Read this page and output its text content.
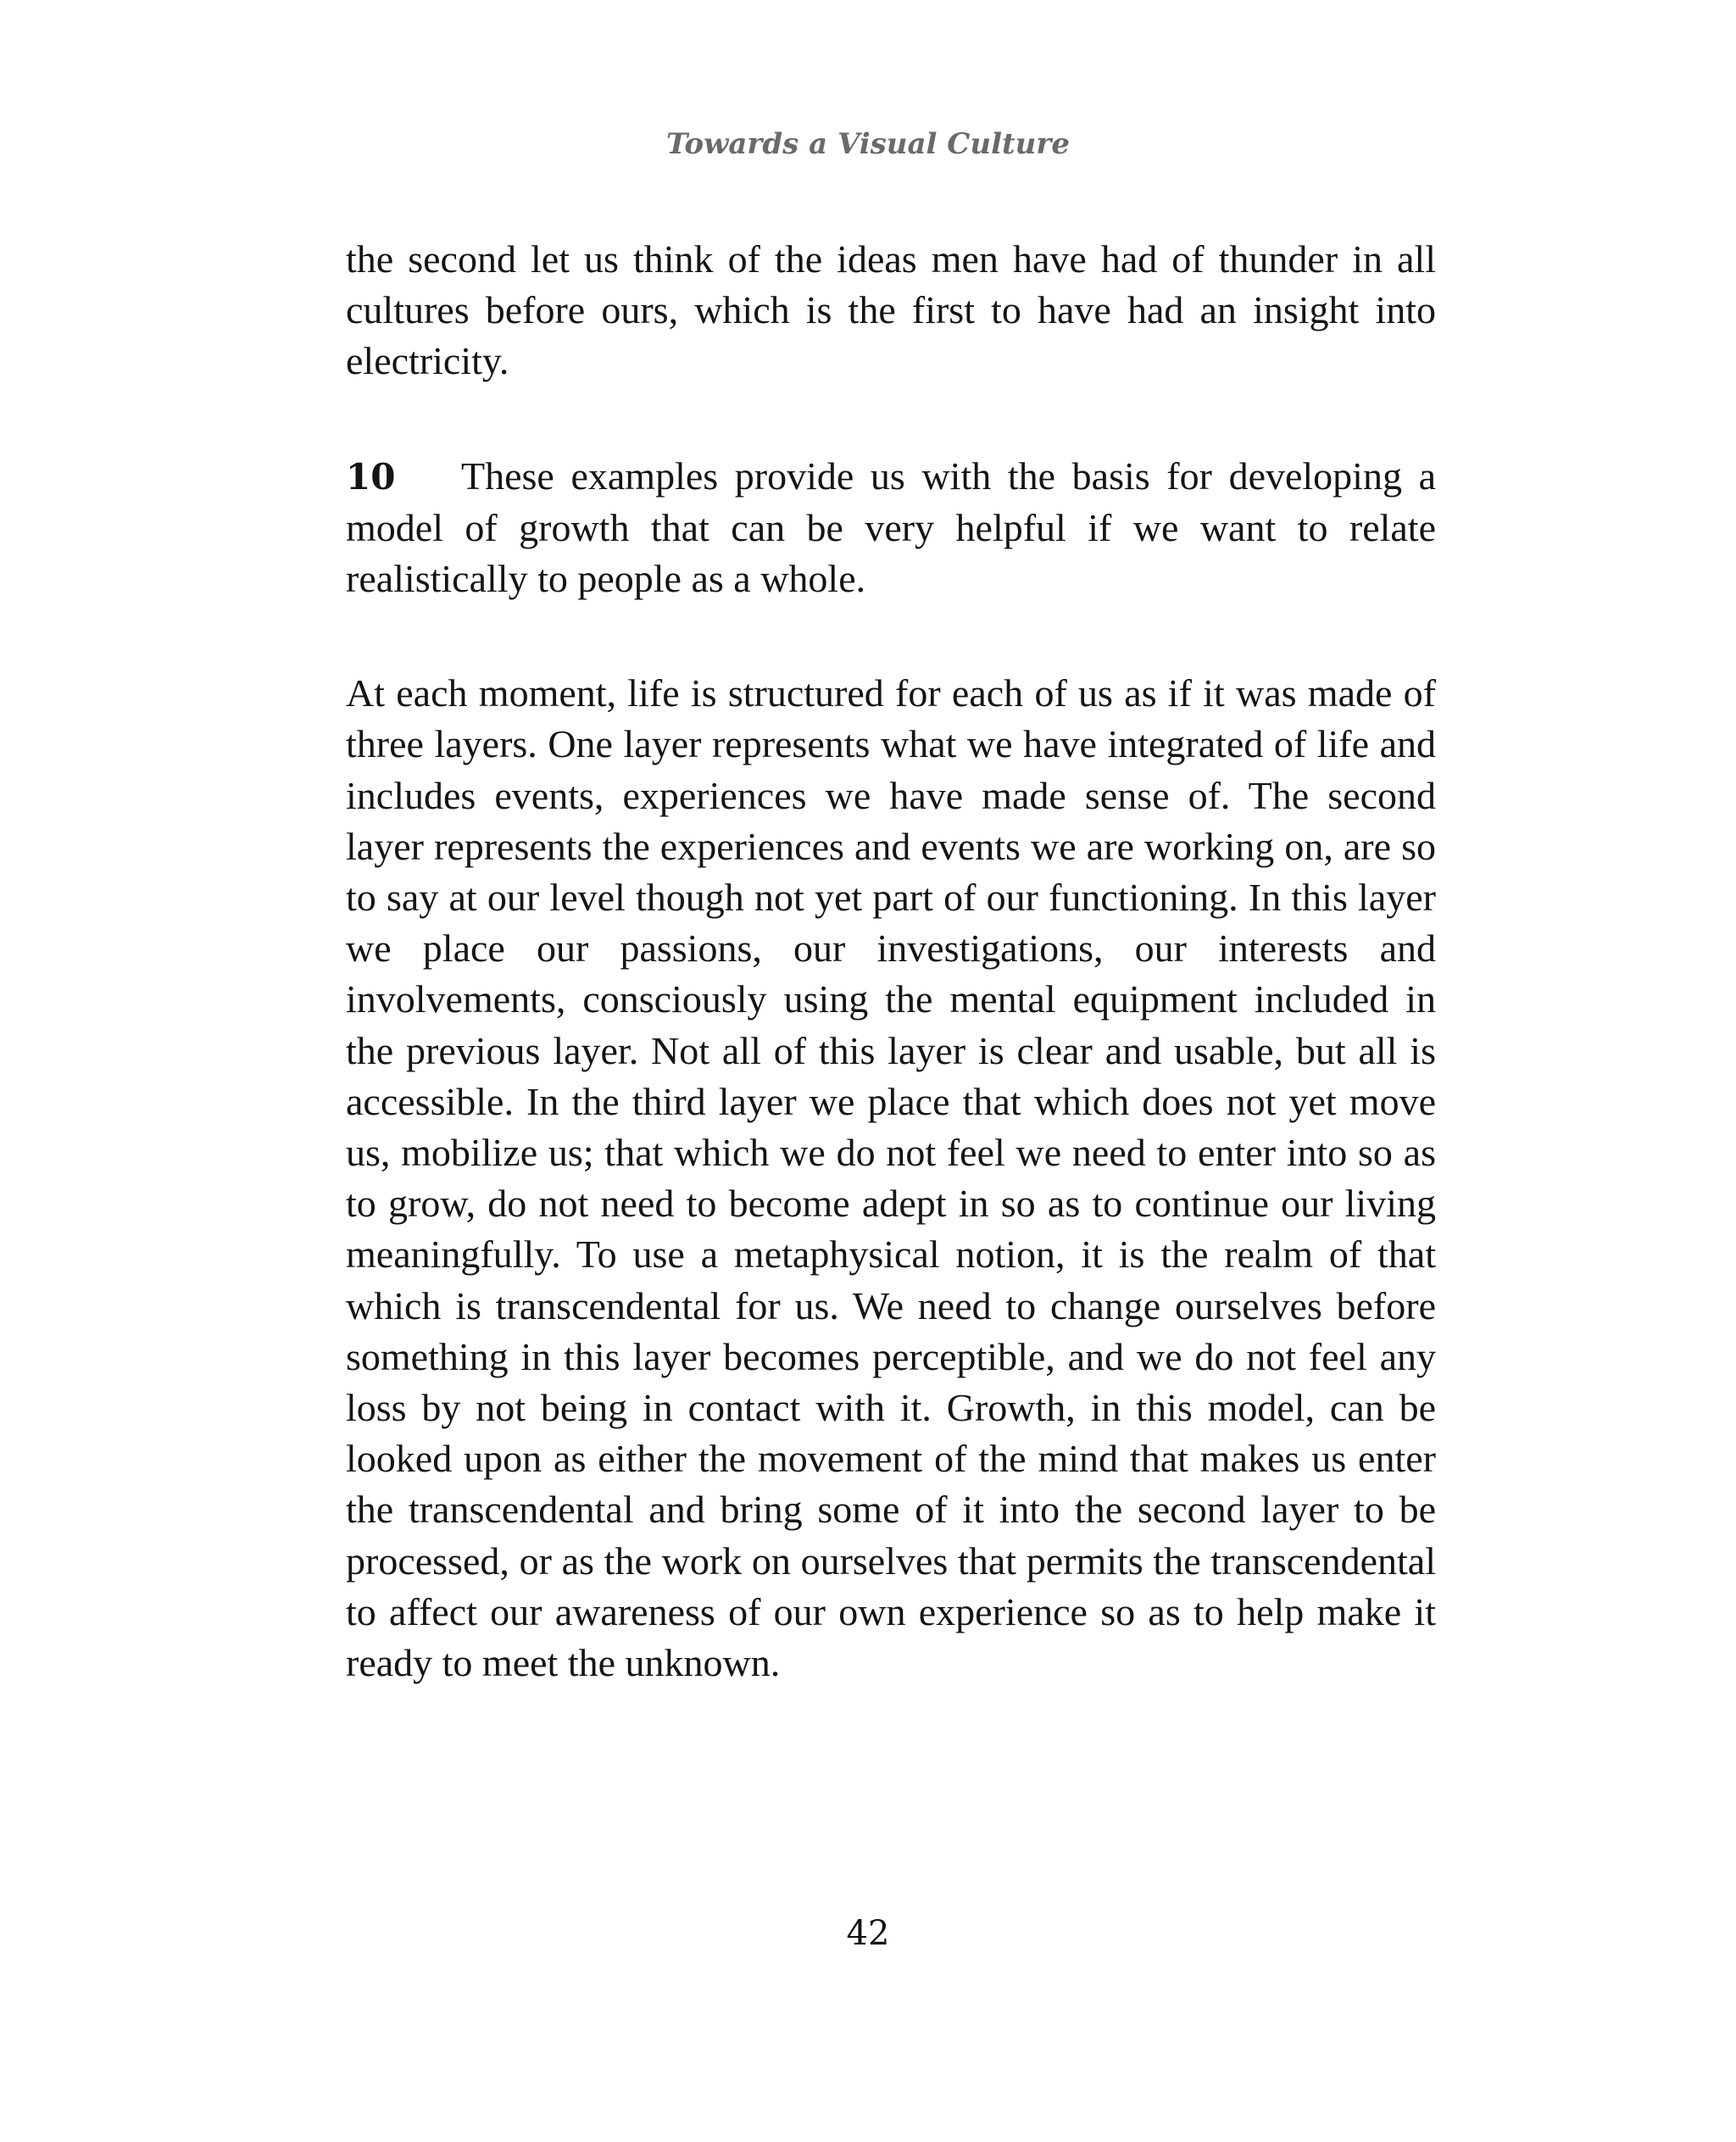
Towards a Visual Culture

the second let us think of the ideas men have had of thunder in all cultures before ours, which is the first to have had an insight into electricity.

10 These examples provide us with the basis for developing a model of growth that can be very helpful if we want to relate realistically to people as a whole.

At each moment, life is structured for each of us as if it was made of three layers. One layer represents what we have integrated of life and includes events, experiences we have made sense of. The second layer represents the experiences and events we are working on, are so to say at our level though not yet part of our functioning. In this layer we place our passions, our investigations, our interests and involvements, consciously using the mental equipment included in the previous layer. Not all of this layer is clear and usable, but all is accessible. In the third layer we place that which does not yet move us, mobilize us; that which we do not feel we need to enter into so as to grow, do not need to become adept in so as to continue our living meaningfully. To use a metaphysical notion, it is the realm of that which is transcendental for us. We need to change ourselves before something in this layer becomes perceptible, and we do not feel any loss by not being in contact with it. Growth, in this model, can be looked upon as either the movement of the mind that makes us enter the transcendental and bring some of it into the second layer to be processed, or as the work on ourselves that permits the transcendental to affect our awareness of our own experience so as to help make it ready to meet the unknown.

42
